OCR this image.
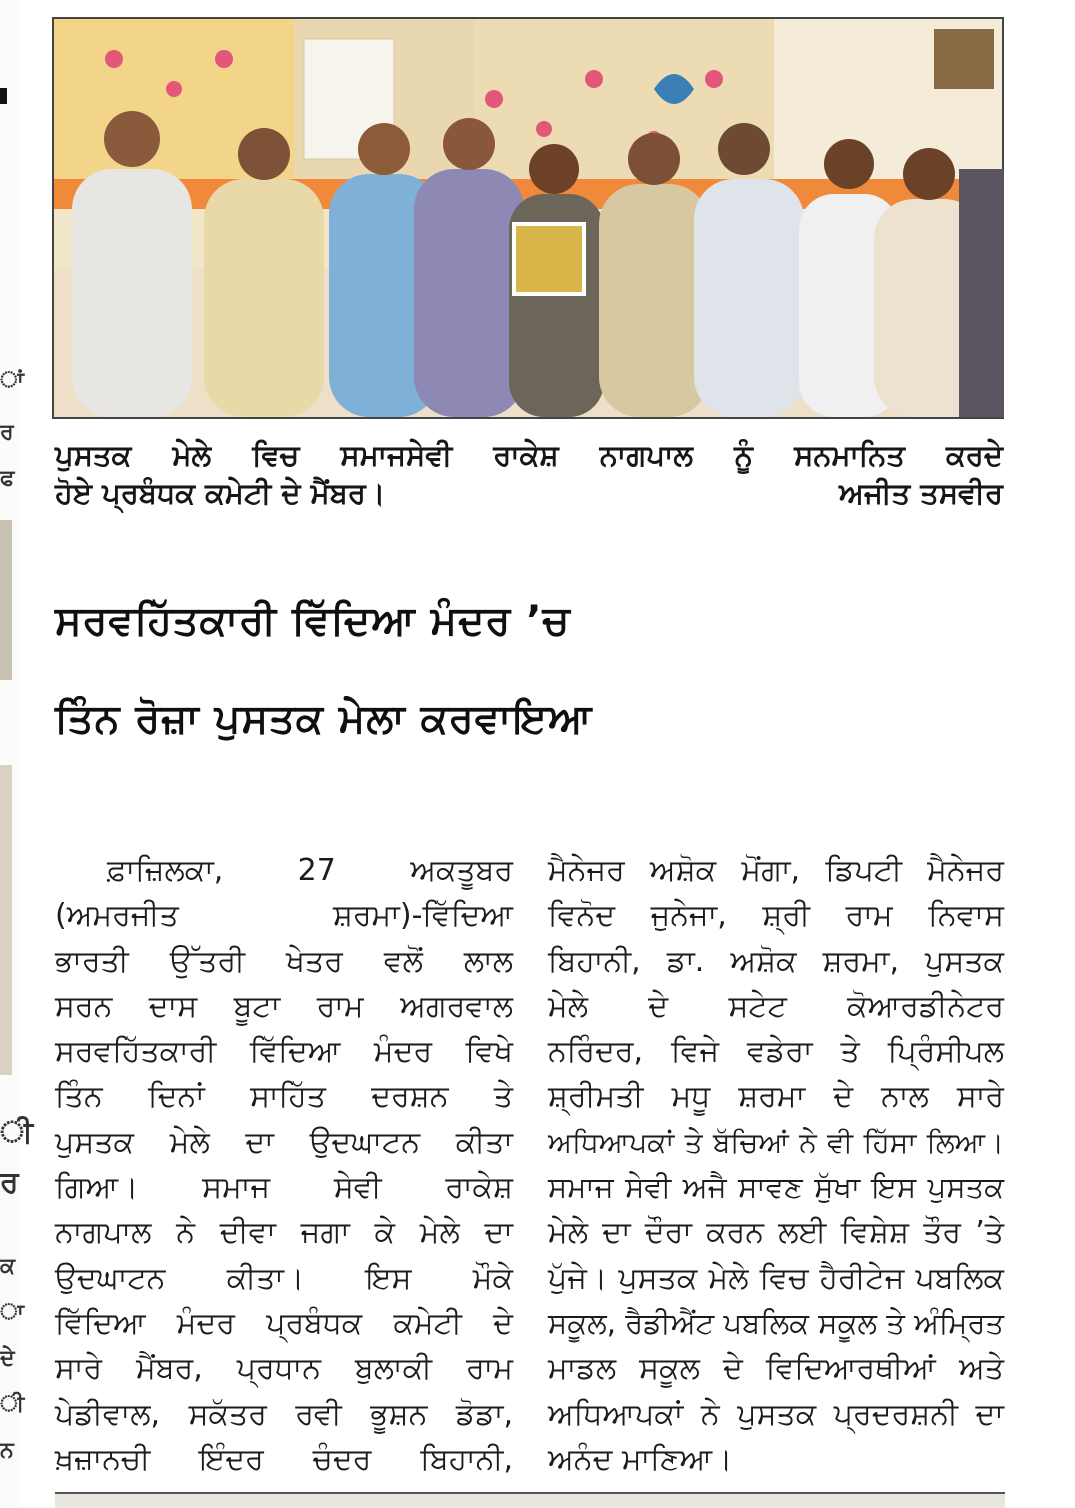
ਾਂ
ਰ
ਫ
ੀ
ਰ
ਕ
ਾ
ਦੇ
ੀ
ਨ
ਪੁਸਤਕ ਮੇਲੇ ਵਿਚ ਸਮਾਜਸੇਵੀ ਰਾਕੇਸ਼ ਨਾਗਪਾਲ ਨੂੰ ਸਨਮਾਨਿਤ ਕਰਦੇ
ਹੋਏ ਪ੍ਰਬੰਧਕ ਕਮੇਟੀ ਦੇ ਮੈਂਬਰ।	ਅਜੀਤ ਤਸਵੀਰ
ਸਰਵਹਿੱਤਕਾਰੀ ਵਿੱਦਿਆ ਮੰਦਰ ’ਚ
ਤਿੰਨ ਰੋਜ਼ਾ ਪੁਸਤਕ ਮੇਲਾ ਕਰਵਾਇਆ
ਫ਼ਾਜ਼ਿਲਕਾ, 27 ਅਕਤੂਬਰ
(ਅਮਰਜੀਤ ਸ਼ਰਮਾ)-ਵਿੱਦਿਆ
ਭਾਰਤੀ ਉੱਤਰੀ ਖੇਤਰ ਵਲੋਂ ਲਾਲ
ਸਰਨ ਦਾਸ ਬੂਟਾ ਰਾਮ ਅਗਰਵਾਲ
ਸਰਵਹਿੱਤਕਾਰੀ ਵਿੱਦਿਆ ਮੰਦਰ ਵਿਖੇ
ਤਿੰਨ ਦਿਨਾਂ ਸਾਹਿੱਤ ਦਰਸ਼ਨ ਤੇ
ਪੁਸਤਕ ਮੇਲੇ ਦਾ ਉਦਘਾਟਨ ਕੀਤਾ
ਗਿਆ। ਸਮਾਜ ਸੇਵੀ ਰਾਕੇਸ਼
ਨਾਗਪਾਲ ਨੇ ਦੀਵਾ ਜਗਾ ਕੇ ਮੇਲੇ ਦਾ
ਉਦਘਾਟਨ ਕੀਤਾ। ਇਸ ਮੌਕੇ
ਵਿੱਦਿਆ ਮੰਦਰ ਪ੍ਰਬੰਧਕ ਕਮੇਟੀ ਦੇ
ਸਾਰੇ ਮੈਂਬਰ, ਪ੍ਰਧਾਨ ਬੁਲਾਕੀ ਰਾਮ
ਪੇਡੀਵਾਲ, ਸਕੱਤਰ ਰਵੀ ਭੂਸ਼ਨ ਡੋਡਾ,
ਖ਼ਜ਼ਾਨਚੀ ਇੰਦਰ ਚੰਦਰ ਬਿਹਾਨੀ,
ਮੈਨੇਜਰ ਅਸ਼ੋਕ ਮੋਂਗਾ, ਡਿਪਟੀ ਮੈਨੇਜਰ
ਵਿਨੋਦ ਜੁਨੇਜਾ, ਸ਼੍ਰੀ ਰਾਮ ਨਿਵਾਸ
ਬਿਹਾਨੀ, ਡਾ. ਅਸ਼ੋਕ ਸ਼ਰਮਾ, ਪੁਸਤਕ
ਮੇਲੇ ਦੇ ਸਟੇਟ ਕੋਆਰਡੀਨੇਟਰ
ਨਰਿੰਦਰ, ਵਿਜੇ ਵਡੇਰਾ ਤੇ ਪ੍ਰਿੰਸੀਪਲ
ਸ਼੍ਰੀਮਤੀ ਮਧੂ ਸ਼ਰਮਾ ਦੇ ਨਾਲ ਸਾਰੇ
ਅਧਿਆਪਕਾਂ ਤੇ ਬੱਚਿਆਂ ਨੇ ਵੀ ਹਿੱਸਾ ਲਿਆ।
ਸਮਾਜ ਸੇਵੀ ਅਜੈ ਸਾਵਣ ਸੁੱਖਾ ਇਸ ਪੁਸਤਕ
ਮੇਲੇ ਦਾ ਦੌਰਾ ਕਰਨ ਲਈ ਵਿਸ਼ੇਸ਼ ਤੌਰ ’ਤੇ
ਪੁੱਜੇ। ਪੁਸਤਕ ਮੇਲੇ ਵਿਚ ਹੈਰੀਟੇਜ ਪਬਲਿਕ
ਸਕੂਲ, ਰੈਡੀਐਂਟ ਪਬਲਿਕ ਸਕੂਲ ਤੇ ਅੰਮ੍ਰਿਤ
ਮਾਡਲ ਸਕੂਲ ਦੇ ਵਿਦਿਆਰਥੀਆਂ ਅਤੇ
ਅਧਿਆਪਕਾਂ ਨੇ ਪੁਸਤਕ ਪ੍ਰਦਰਸ਼ਨੀ ਦਾ
ਅਨੰਦ ਮਾਣਿਆ।
